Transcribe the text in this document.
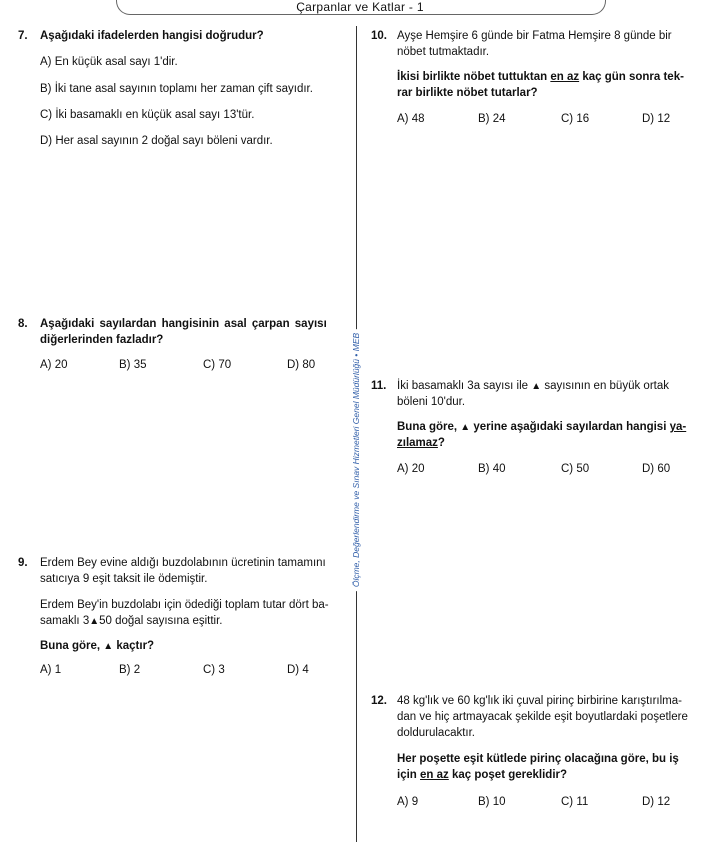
Çarpanlar ve Katlar - 1
Ölçme, Değerlendirme ve Sınav Hizmetleri Genel Müdürlüğü • MEB
7. Aşağıdaki ifadelerden hangisi doğrudur?
A) En küçük asal sayı 1'dir.
B) İki tane asal sayının toplamı her zaman çift sayıdır.
C) İki basamaklı en küçük asal sayı 13'tür.
D) Her asal sayının 2 doğal sayı böleni vardır.
8. Aşağıdaki sayılardan hangisinin asal çarpan sayısı
diğerlerinden fazladır?
A) 20	B) 35	C) 70	D) 80
9. Erdem Bey evine aldığı buzdolabının ücretinin tamamını
satıcıya 9 eşit taksit ile ödemiştir.
Erdem Bey'in buzdolabı için ödediği toplam tutar dört ba-
samaklı 3▲50 doğal sayısına eşittir.
Buna göre, ▲ kaçtır?
A) 1	B) 2	C) 3	D) 4
10. Ayşe Hemşire 6 günde bir Fatma Hemşire 8 günde bir
nöbet tutmaktadır.
İkisi birlikte nöbet tuttuktan en az kaç gün sonra tek-
rar birlikte nöbet tutarlar?
A) 48	B) 24	C) 16	D) 12
11. İki basamaklı 3a sayısı ile ▲ sayısının en büyük ortak
böleni 10'dur.
Buna göre, ▲ yerine aşağıdaki sayılardan hangisi ya-
zılamaz?
A) 20	B) 40	C) 50	D) 60
12. 48 kg'lık ve 60 kg'lık iki çuval pirinç birbirine karıştırılma-
dan ve hiç artmayacak şekilde eşit boyutlardaki poşetlere
doldurulacaktır.
Her poşette eşit kütlede pirinç olacağına göre, bu iş
için en az kaç poşet gereklidir?
A) 9	B) 10	C) 11	D) 12
